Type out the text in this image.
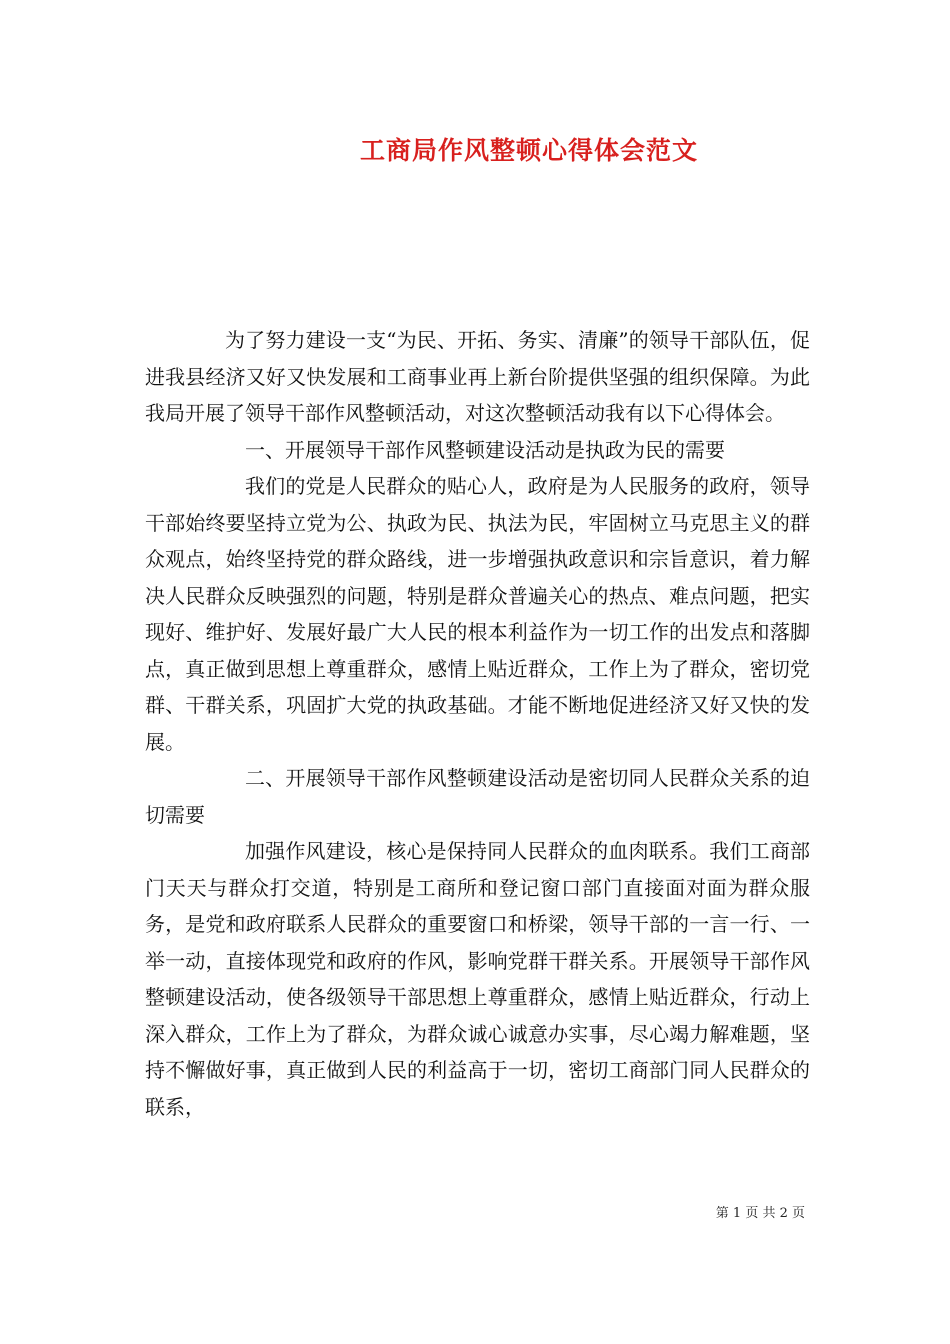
工商局作风整顿心得体会范文

为了努力建设一支“为民、开拓、务实、清廉”的领导干部队伍，促进我县经济又好又快发展和工商事业再上新台阶提供坚强的组织保障。为此我局开展了领导干部作风整顿活动，对这次整顿活动我有以下心得体会。

一、开展领导干部作风整顿建设活动是执政为民的需要

我们的党是人民群众的贴心人，政府是为人民服务的政府，领导干部始终要坚持立党为公、执政为民、执法为民，牢固树立马克思主义的群众观点，始终坚持党的群众路线，进一步增强执政意识和宗旨意识，着力解决人民群众反映强烈的问题，特别是群众普遍关心的热点、难点问题，把实现好、维护好、发展好最广大人民的根本利益作为一切工作的出发点和落脚点，真正做到思想上尊重群众，感情上贴近群众，工作上为了群众，密切党群、干群关系，巩固扩大党的执政基础。才能不断地促进经济又好又快的发展。

二、开展领导干部作风整顿建设活动是密切同人民群众关系的迫切需要

加强作风建设，核心是保持同人民群众的血肉联系。我们工商部门天天与群众打交道，特别是工商所和登记窗口部门直接面对面为群众服务，是党和政府联系人民群众的重要窗口和桥梁，领导干部的一言一行、一举一动，直接体现党和政府的作风，影响党群干群关系。开展领导干部作风整顿建设活动，使各级领导干部思想上尊重群众，感情上贴近群众，行动上深入群众，工作上为了群众，为群众诚心诚意办实事，尽心竭力解难题，坚持不懈做好事，真正做到人民的利益高于一切，密切工商部门同人民群众的联系，

第 1 页 共 2 页
